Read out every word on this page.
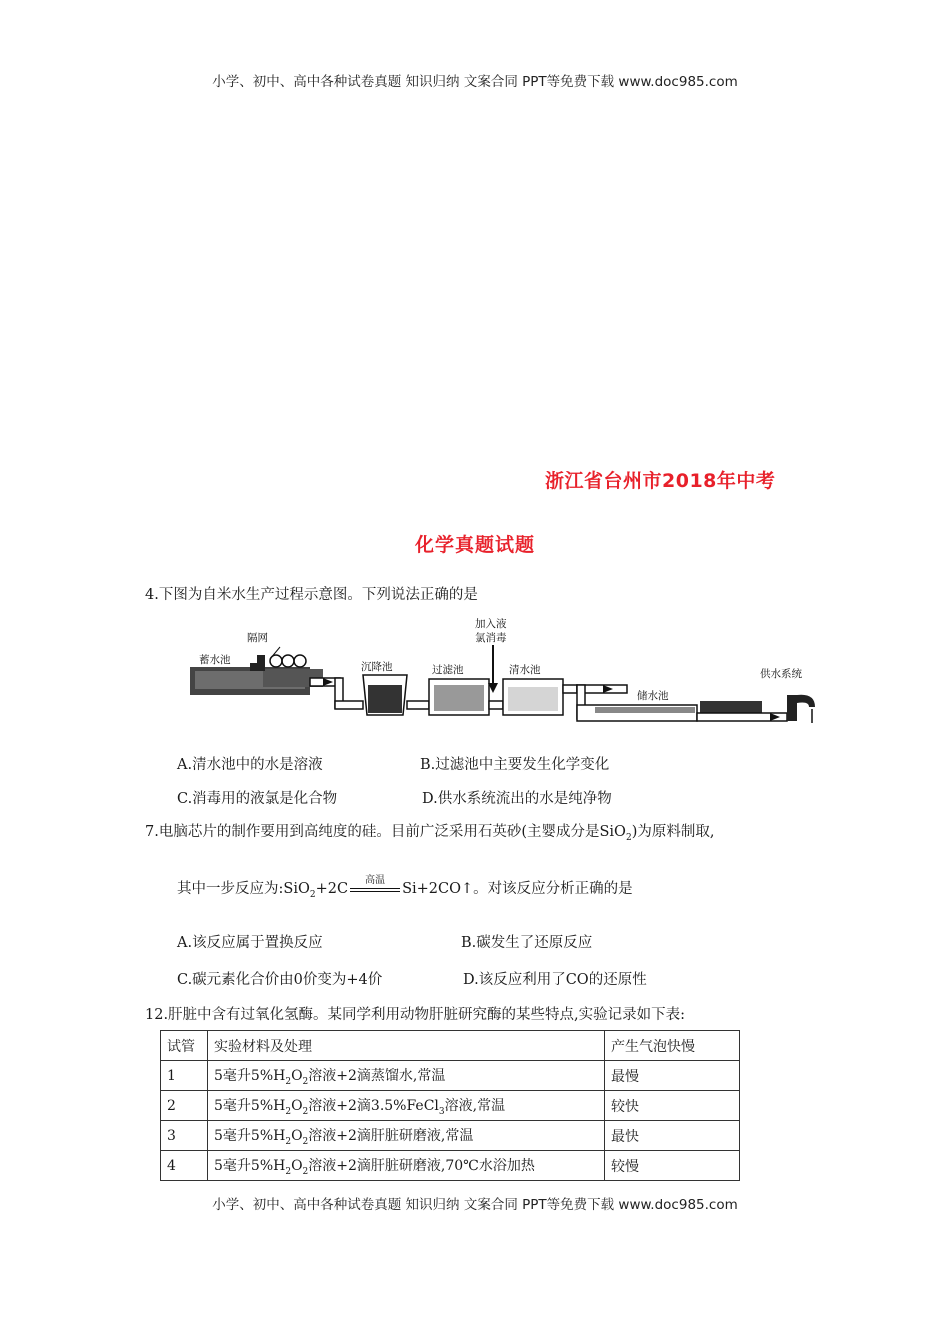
小学、初中、高中各种试卷真题 知识归纳 文案合同 PPT等免费下载 www.doc985.com
浙江省台州市2018年中考
化学真题试题
4.下图为自米水生产过程示意图。下列说法正确的是
蓄水池
隔网
沉降池	过滤池
加入液
氯消毒
清水池
储水池
供水系统
A.清水池中的水是溶液	B.过滤池中主要发生化学变化
C.消毒用的液氯是化合物	D.供水系统流出的水是纯净物
7.电脑芯片的制作要用到高纯度的硅。目前广泛采用石英砂(主婴成分是SiO$_2$)为原料制取,
其中一步反应为:SiO$_2$+2C
高温
Si+2CO↑。对该反应分析正确的是
A.该反应属于置换反应	B.碳发生了还原反应
C.碳元素化合价由0价变为+4价	D.该反应利用了CO的还原性
12.肝脏中含有过氧化氢酶。某同学利用动物肝脏研究酶的某些特点,实验记录如下表:
试管	实验材料及处理	产生气泡快慢
1	5毫升$5\%H_2O_2$溶液+2滴蒸馏水,常温	最慢
2	5毫升$5\%H_2O_2$溶液+2滴3.5%FeCl$_3$溶液,常温	较快
3	5毫升$5\%H_2O_2$溶液+2滴肝脏研磨液,常温	最快
4	5毫升$5\%H_2O_2$溶液+2滴肝脏研磨液,70℃水浴加热	较慢
小学、初中、高中各种试卷真题 知识归纳 文案合同 PPT等免费下载 www.doc985.com
